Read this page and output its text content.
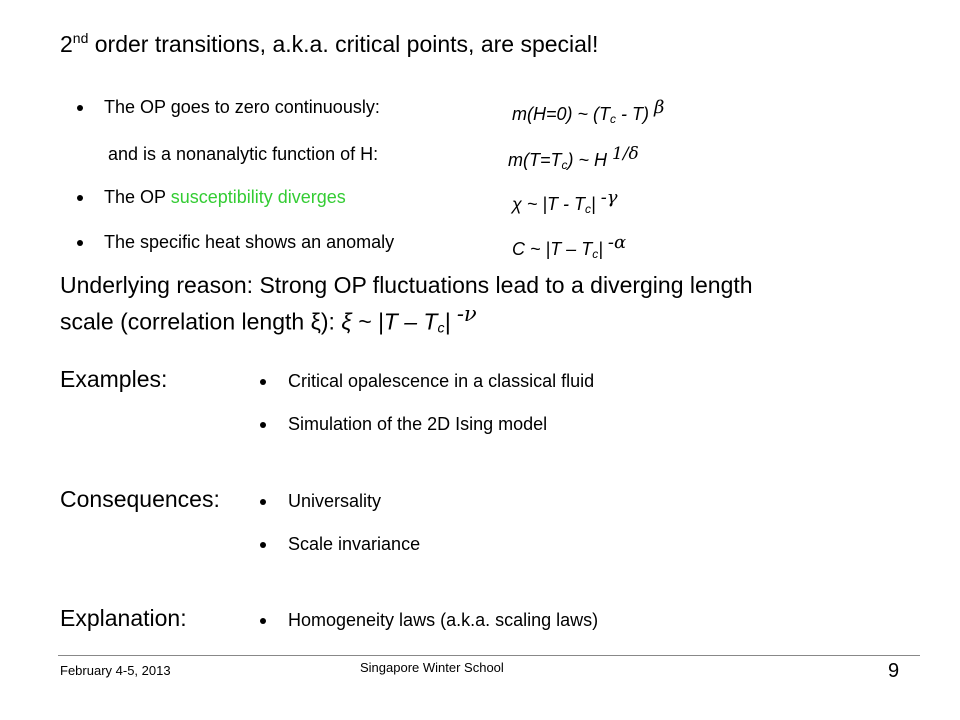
2nd order transitions, a.k.a. critical points, are special!
The OP goes to zero continuously:	m(H=0) ~ $(T_c - T)$ $^\beta$
and is a nonanalytic function of H:	$m(T=T_c)$ ~ H $^{1/\delta}$
The OP susceptibility diverges	χ ~ $|T - T_c|$ $^{-\gamma}$
The specific heat shows an anomaly	C ~ $|T - T_c|$ $^{-\alpha}$
Underlying reason: Strong OP fluctuations lead to a diverging length
scale (correlation length ξ): ξ ~ $|T - T_c|$ $^{-\nu}$
Examples:	Critical opalescence in a classical fluid
Simulation of the 2D Ising model
Consequences:	Universality
Scale invariance
Explanation:	Homogeneity laws (a.k.a. scaling laws)
February 4-5, 2013	Singapore Winter School	9
